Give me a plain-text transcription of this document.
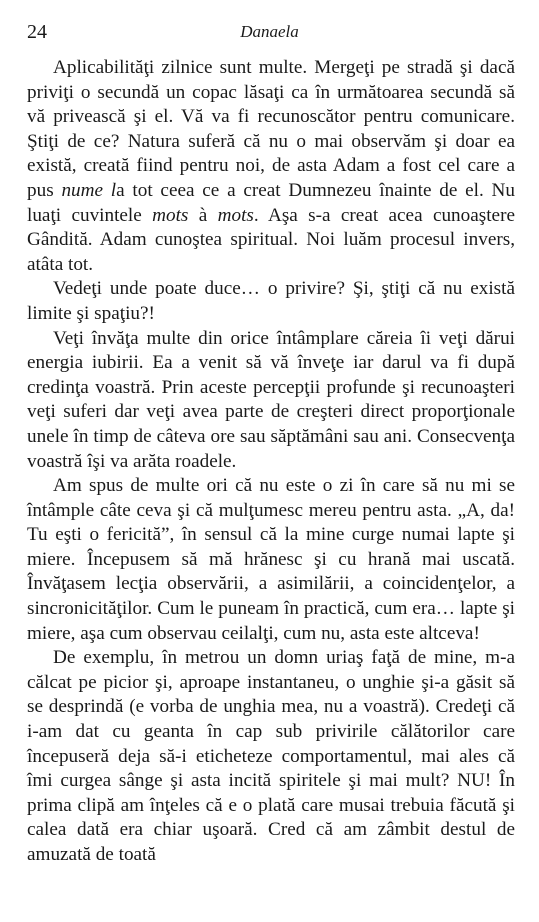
24	Danaela

Aplicabilităţi zilnice sunt multe. Mergeţi pe stradă şi dacă priviţi o secundă un copac lăsaţi ca în următoarea secundă să vă privească şi el. Vă va fi recunoscător pentru comunicare. Ştiţi de ce? Natura suferă că nu o mai observăm şi doar ea există, creată fiind pentru noi, de asta Adam a fost cel care a pus nume la tot ceea ce a creat Dumnezeu înainte de el. Nu luaţi cuvintele mots à mots. Aşa s-a creat acea cunoaştere Gândită. Adam cunoştea spiritual. Noi luăm procesul invers, atâta tot.

Vedeţi unde poate duce… o privire? Şi, ştiţi că nu există limite şi spaţiu?!

Veţi învăţa multe din orice întâmplare căreia îi veţi dărui energia iubirii. Ea a venit să vă înveţe iar darul va fi după credinţa voastră. Prin aceste percepţii profunde şi recunoaşteri veţi suferi dar veţi avea parte de creşteri direct proporţionale unele în timp de câteva ore sau săptămâni sau ani. Consecvenţa voastră îşi va arăta roadele.

Am spus de multe ori că nu este o zi în care să nu mi se întâmple câte ceva şi că mulţumesc mereu pentru asta. „A, da! Tu eşti o fericită”, în sensul că la mine curge numai lapte şi miere. Începusem să mă hrănesc şi cu hrană mai uscată. Învăţasem lecţia observării, a asimilării, a coincidenţelor, a sincronicităţilor. Cum le puneam în practică, cum era… lapte şi miere, aşa cum observau ceilalţi, cum nu, asta este altceva!

De exemplu, în metrou un domn uriaş faţă de mine, m-a călcat pe picior şi, aproape instantaneu, o unghie şi-a găsit să se desprindă (e vorba de unghia mea, nu a voastră). Credeţi că i-am dat cu geanta în cap sub privirile călătorilor care începuseră deja să-i eticheteze comportamentul, mai ales că îmi curgea sânge şi asta incită spiritele şi mai mult? NU! În prima clipă am înţeles că e o plată care musai trebuia făcută şi calea dată era chiar uşoară. Cred că am zâmbit destul de amuzată de toată
